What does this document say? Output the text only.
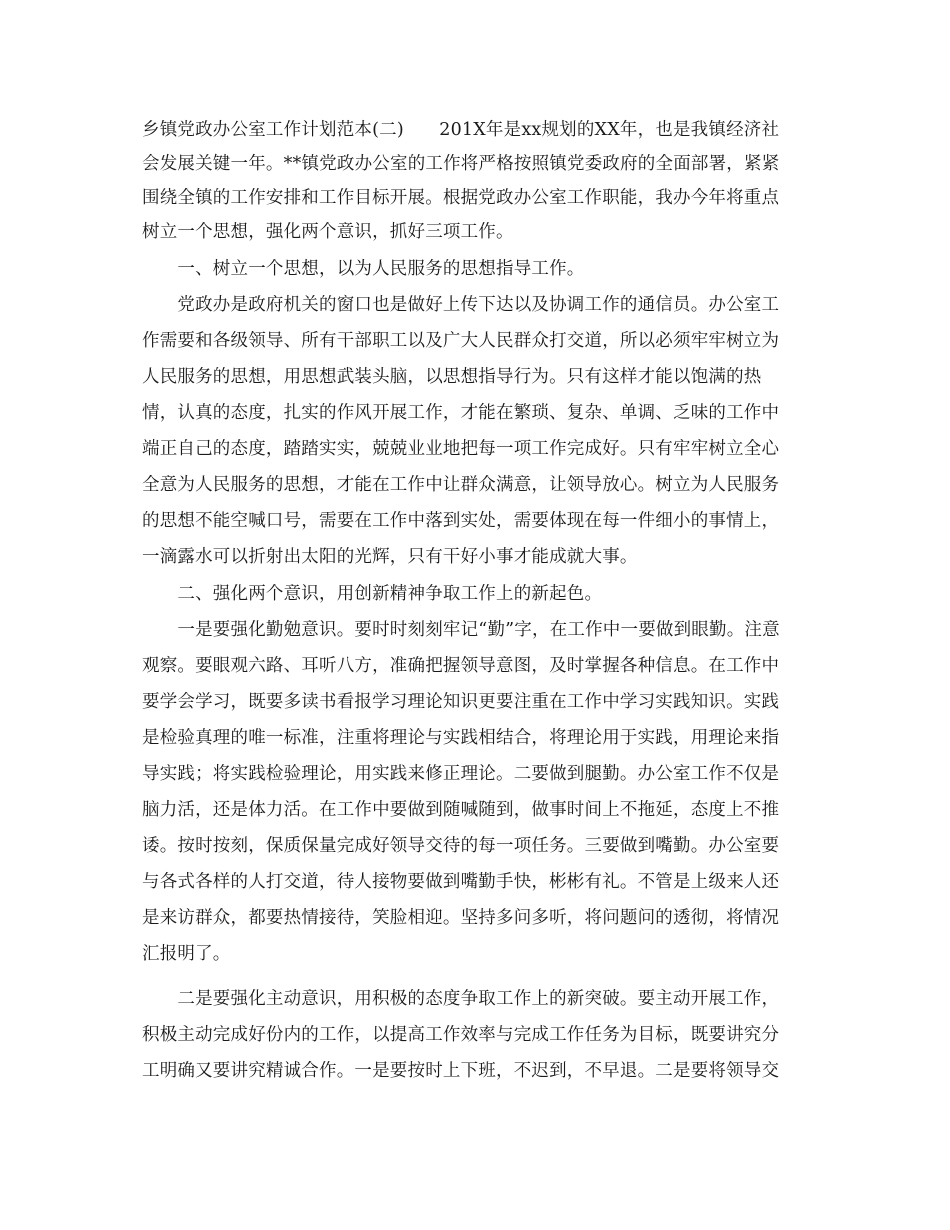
乡镇党政办公室工作计划范本(二)　　201X年是xx规划的XX年，也是我镇经济社
会发展关键一年。**镇党政办公室的工作将严格按照镇党委政府的全面部署，紧紧
围绕全镇的工作安排和工作目标开展。根据党政办公室工作职能，我办今年将重点
树立一个思想，强化两个意识，抓好三项工作。
　　一、树立一个思想，以为人民服务的思想指导工作。
　　党政办是政府机关的窗口也是做好上传下达以及协调工作的通信员。办公室工
作需要和各级领导、所有干部职工以及广大人民群众打交道，所以必须牢牢树立为
人民服务的思想，用思想武装头脑，以思想指导行为。只有这样才能以饱满的热
情，认真的态度，扎实的作风开展工作，才能在繁琐、复杂、单调、乏味的工作中
端正自己的态度，踏踏实实，兢兢业业地把每一项工作完成好。只有牢牢树立全心
全意为人民服务的思想，才能在工作中让群众满意，让领导放心。树立为人民服务
的思想不能空喊口号，需要在工作中落到实处，需要体现在每一件细小的事情上，
一滴露水可以折射出太阳的光辉，只有干好小事才能成就大事。
　　二、强化两个意识，用创新精神争取工作上的新起色。
　　一是要强化勤勉意识。要时时刻刻牢记“勤”字，在工作中一要做到眼勤。注意
观察。要眼观六路、耳听八方，准确把握领导意图，及时掌握各种信息。在工作中
要学会学习，既要多读书看报学习理论知识更要注重在工作中学习实践知识。实践
是检验真理的唯一标准，注重将理论与实践相结合，将理论用于实践，用理论来指
导实践；将实践检验理论，用实践来修正理论。二要做到腿勤。办公室工作不仅是
脑力活，还是体力活。在工作中要做到随喊随到，做事时间上不拖延，态度上不推
诿。按时按刻，保质保量完成好领导交待的每一项任务。三要做到嘴勤。办公室要
与各式各样的人打交道，待人接物要做到嘴勤手快，彬彬有礼。不管是上级来人还
是来访群众，都要热情接待，笑脸相迎。坚持多问多听，将问题问的透彻，将情况
汇报明了。
　　二是要强化主动意识，用积极的态度争取工作上的新突破。要主动开展工作，
积极主动完成好份内的工作，以提高工作效率与完成工作任务为目标，既要讲究分
工明确又要讲究精诚合作。一是要按时上下班，不迟到，不早退。二是要将领导交
